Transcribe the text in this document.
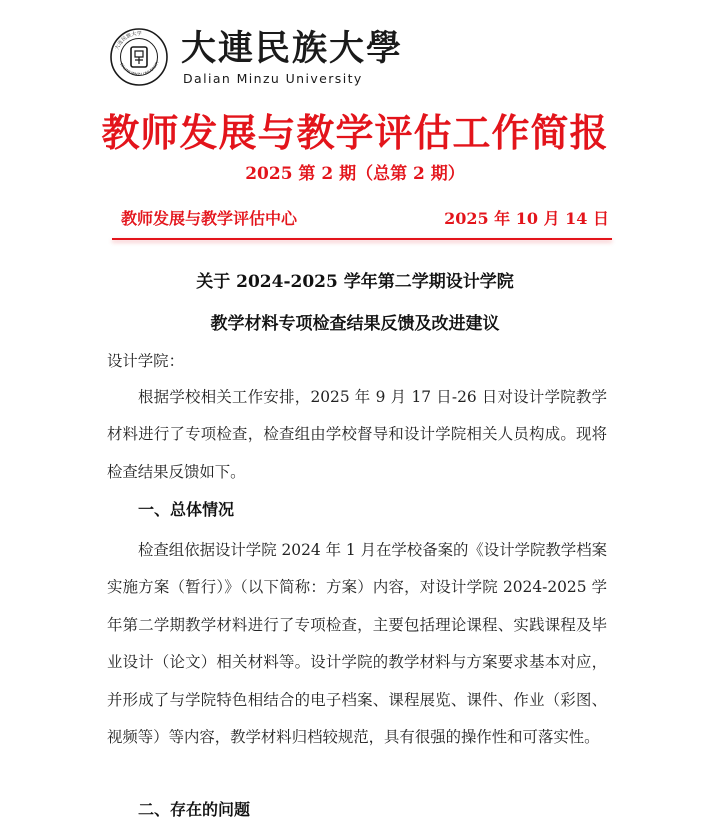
大连民族大学
DALIAN MINZU UNIVERSITY 大連民族大學
Dalian Minzu University
教师发展与教学评估工作简报
2025 第 2 期（总第 2 期）
教师发展与教学评估中心	2025 年 10 月 14 日
关于 2024-2025 学年第二学期设计学院
教学材料专项检查结果反馈及改进建议
设计学院：
根据学校相关工作安排，2025 年 9 月 17 日-26 日对设计学院教学材料进行了专项检查，检查组由学校督导和设计学院相关人员构成。现将检查结果反馈如下。
一、总体情况
检查组依据设计学院 2024 年 1 月在学校备案的《设计学院教学档案实施方案（暂行）》（以下简称：方案）内容，对设计学院 2024-2025 学年第二学期教学材料进行了专项检查，主要包括理论课程、实践课程及毕业设计（论文）相关材料等。设计学院的教学材料与方案要求基本对应，并形成了与学院特色相结合的电子档案、课程展览、课件、作业（彩图、视频等）等内容，教学材料归档较规范，具有很强的操作性和可落实性。
二、存在的问题
